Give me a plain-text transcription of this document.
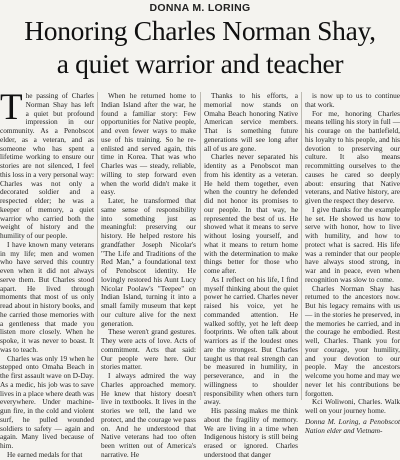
DONNA M. LORING
Honoring Charles Norman Shay,
a quiet warrior and teacher

The passing of Charles Norman Shay has left a quiet but profound impression in our community. As a Penobscot elder, as a veteran, and as someone who has spent a lifetime working to ensure our stories are not silenced, I feel this loss in a very personal way: Charles was not only a decorated soldier and a respected elder; he was a keeper of memory, a quiet warrior who carried both the weight of history and the humility of our people.

I have known many veterans in my life; men and women who have served this country even when it did not always serve them. But Charles stood apart. He lived through moments that most of us only read about in history books, and he carried those memories with a gentleness that made you listen more closely. When he spoke, it was never to boast. It was to teach.

Charles was only 19 when he stepped onto Omaha Beach in the first assault wave on D-Day. As a medic, his job was to save lives in a place where death was everywhere. Under machine-gun fire, in the cold and violent surf, he pulled wounded soldiers to safety — again and again. Many lived because of him.

He earned medals for that

When he returned home to Indian Island after the war, he found a familiar story: Few opportunities for Native people, and even fewer ways to make use of his training. So he re-enlisted and served again, this time in Korea. That was who Charles was — steady, reliable, willing to step forward even when the world didn't make it easy.

Later, he transformed that same sense of responsibility into something just as meaningful: preserving our history. He helped restore his grandfather Joseph Nicolar's "The Life and Traditions of the Red Man," a foundational text of Penobscot identity. He lovingly restored his Aunt Lucy Nicolar Poolaw's "Teepee" on Indian Island, turning it into a small family museum that kept our culture alive for the next generation.

These weren't grand gestures. They were acts of love. Acts of commitment. Acts that said: Our people were here. Our stories matter.

I always admired the way Charles approached memory. He knew that history doesn't live in textbooks. It lives in the stories we tell, the land we protect, and the courage we pass on. And he understood that Native veterans had too often been written out of America's narrative. He

Thanks to his efforts, a memorial now stands on Omaha Beach honoring Native American service members. That is something future generations will see long after all of us are gone.

Charles never separated his identity as a Penobscot man from his identity as a veteran. He held them together, even when the country he defended did not honor its promises to our people. In that way, he represented the best of us. He showed what it means to serve without losing yourself, and what it means to return home with the determination to make things better for those who come after.

As I reflect on his life, I find myself thinking about the quiet power he carried. Charles never raised his voice, yet he commanded attention. He walked softly, yet he left deep footprints. We often talk about warriors as if the loudest ones are the strongest. But Charles taught us that real strength can be measured in humility, in perseverance, and in the willingness to shoulder responsibility when others turn away.

His passing makes me think about the fragility of memory. We are living in a time when Indigenous history is still being erased or ignored. Charles understood that danger

is now up to us to continue that work.

For me, honoring Charles means telling his story in full — his courage on the battlefield, his loyalty to his people, and his devotion to preserving our culture. It also means recommitting ourselves to the causes he cared so deeply about: ensuring that Native veterans, and Native history, are given the respect they deserve.

I give thanks for the example he set. He showed us how to serve with honor, how to live with humility, and how to protect what is sacred. His life was a reminder that our people have always stood strong, in war and in peace, even when recognition was slow to come.

Charles Norman Shay has returned to the ancestors now. But his legacy remains with us — in the stories he preserved, in the memories he carried, and in the courage he embodied. Rest well, Charles. Thank you for your courage, your humility, and your devotion to our people. May the ancestors welcome you home and may we never let his contributions be forgotten.

Kci Woliwoni, Charles. Walk well on your journey home.

Donna M. Loring, a Penobscot Nation elder and Vietnam-
